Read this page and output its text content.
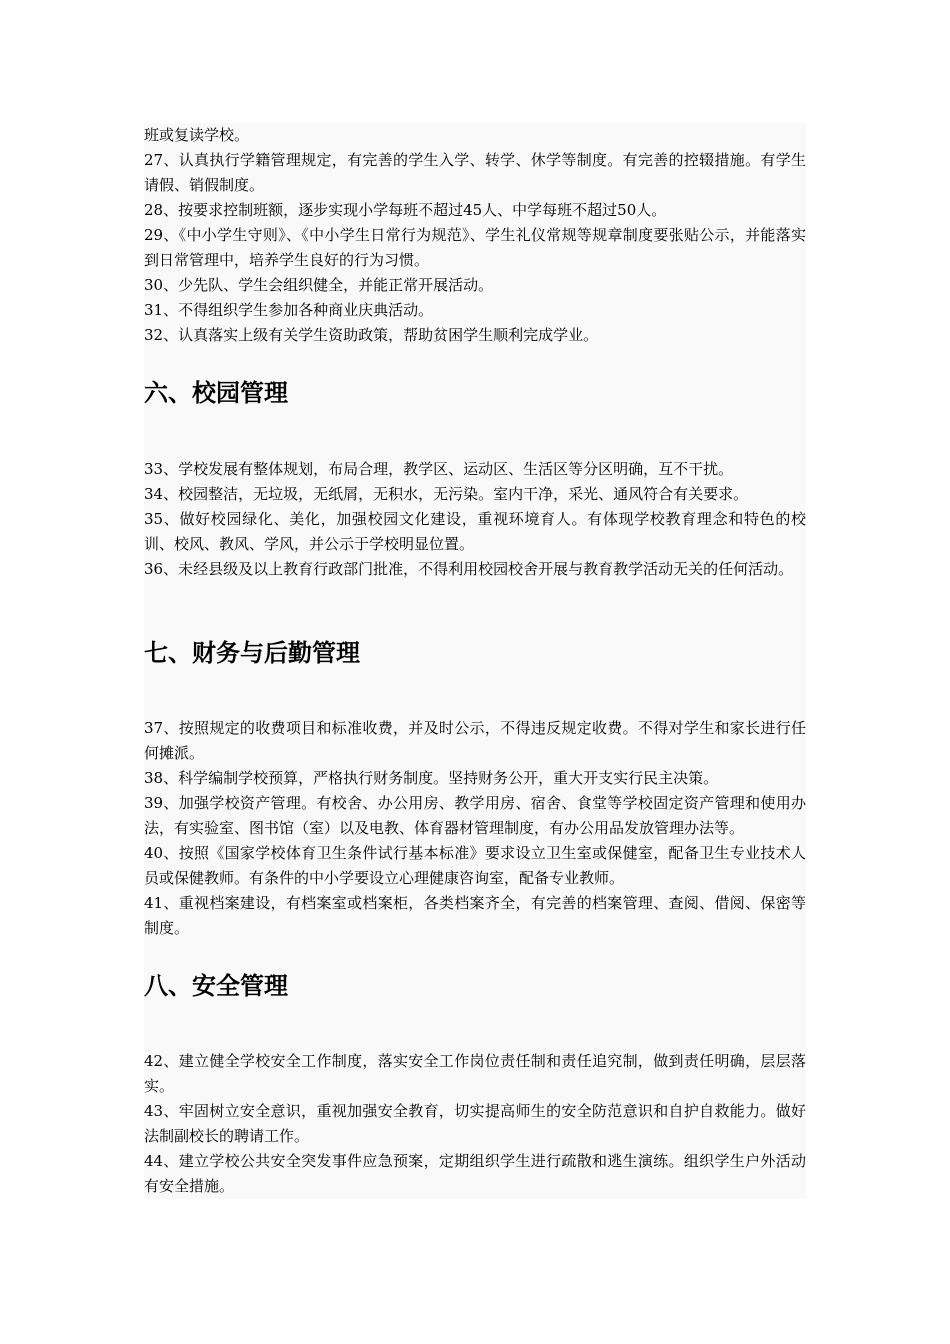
班或复读学校。

27、认真执行学籍管理规定，有完善的学生入学、转学、休学等制度。有完善的控辍措施。有学生请假、销假制度。

28、按要求控制班额，逐步实现小学每班不超过45人、中学每班不超过50人。

29、《中小学生守则》、《中小学生日常行为规范》、学生礼仪常规等规章制度要张贴公示，并能落实到日常管理中，培养学生良好的行为习惯。

30、少先队、学生会组织健全，并能正常开展活动。

31、不得组织学生参加各种商业庆典活动。

32、认真落实上级有关学生资助政策，帮助贫困学生顺利完成学业。

六、校园管理

33、学校发展有整体规划，布局合理，教学区、运动区、生活区等分区明确，互不干扰。

34、校园整洁，无垃圾，无纸屑，无积水，无污染。室内干净，采光、通风符合有关要求。

35、做好校园绿化、美化，加强校园文化建设，重视环境育人。有体现学校教育理念和特色的校训、校风、教风、学风，并公示于学校明显位置。

36、未经县级及以上教育行政部门批准，不得利用校园校舍开展与教育教学活动无关的任何活动。

七、财务与后勤管理

37、按照规定的收费项目和标准收费，并及时公示，不得违反规定收费。不得对学生和家长进行任何摊派。

38、科学编制学校预算，严格执行财务制度。坚持财务公开，重大开支实行民主决策。

39、加强学校资产管理。有校舍、办公用房、教学用房、宿舍、食堂等学校固定资产管理和使用办法，有实验室、图书馆（室）以及电教、体育器材管理制度，有办公用品发放管理办法等。

40、按照《国家学校体育卫生条件试行基本标准》要求设立卫生室或保健室，配备卫生专业技术人员或保健教师。有条件的中小学要设立心理健康咨询室，配备专业教师。

41、重视档案建设，有档案室或档案柜，各类档案齐全，有完善的档案管理、查阅、借阅、保密等制度。

八、安全管理

42、建立健全学校安全工作制度，落实安全工作岗位责任制和责任追究制，做到责任明确，层层落实。

43、牢固树立安全意识，重视加强安全教育，切实提高师生的安全防范意识和自护自救能力。做好法制副校长的聘请工作。

44、建立学校公共安全突发事件应急预案，定期组织学生进行疏散和逃生演练。组织学生户外活动有安全措施。
